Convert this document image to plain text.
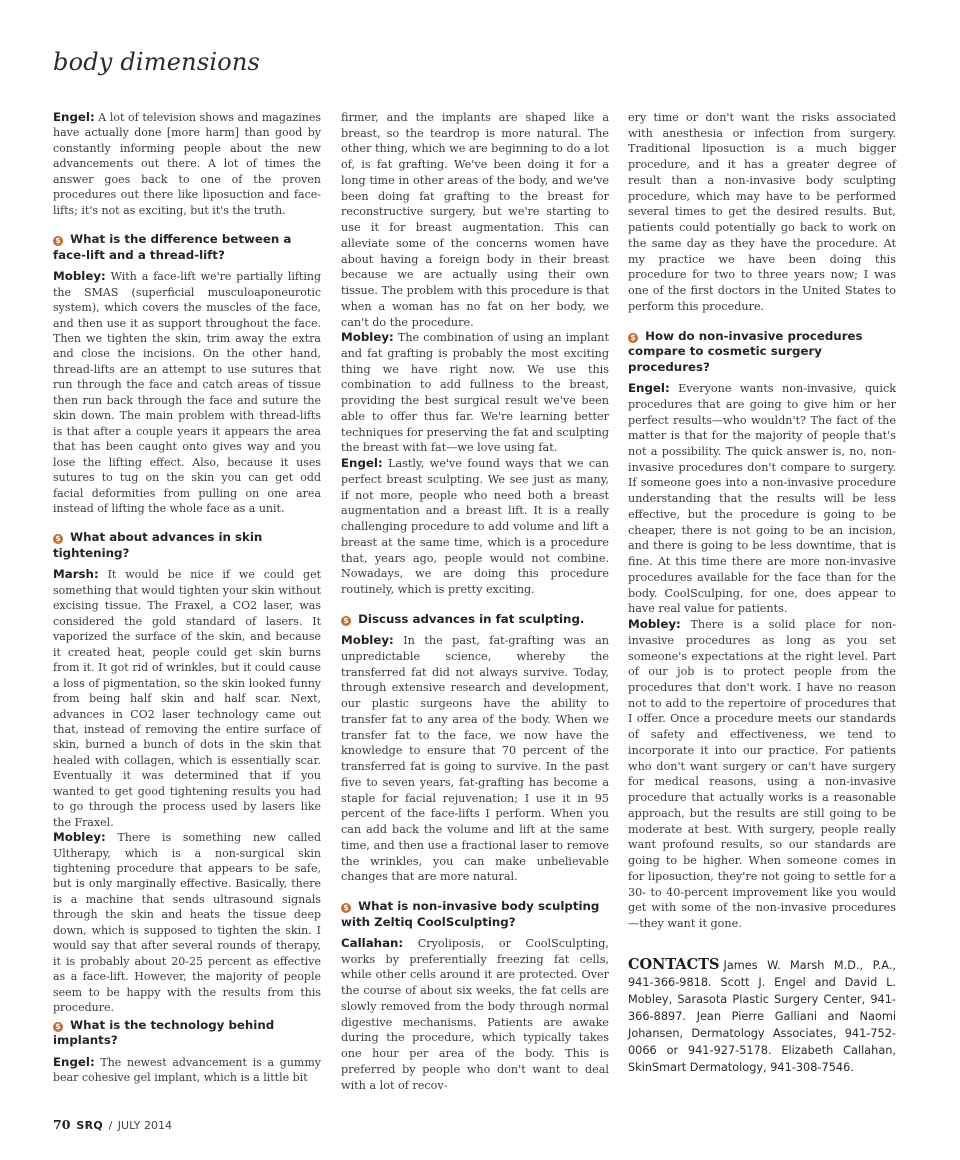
body dimensions

Engel: A lot of television shows and magazines have actually done [more harm] than good by constantly informing people about the new advancements out there. A lot of times the answer goes back to one of the proven procedures out there like liposuction and face-lifts; it's not as exciting, but it's the truth.

$ What is the difference between a face-lift and a thread-lift?

Mobley: With a face-lift we're partially lifting the SMAS (superficial musculoaponeurotic system), which covers the muscles of the face, and then use it as support throughout the face. Then we tighten the skin, trim away the extra and close the incisions. On the other hand, thread-lifts are an attempt to use sutures that run through the face and catch areas of tissue then run back through the face and suture the skin down. The main problem with thread-lifts is that after a couple years it appears the area that has been caught onto gives way and you lose the lifting effect. Also, because it uses sutures to tug on the skin you can get odd facial deformities from pulling on one area instead of lifting the whole face as a unit.

$ What about advances in skin tightening?

Marsh: It would be nice if we could get something that would tighten your skin without excising tissue. The Fraxel, a CO2 laser, was considered the gold standard of lasers. It vaporized the surface of the skin, and because it created heat, people could get skin burns from it. It got rid of wrinkles, but it could cause a loss of pigmentation, so the skin looked funny from being half skin and half scar. Next, advances in CO2 laser technology came out that, instead of removing the entire surface of skin, burned a bunch of dots in the skin that healed with collagen, which is essentially scar. Eventually it was determined that if you wanted to get good tightening results you had to go through the process used by lasers like the Fraxel.

Mobley: There is something new called Ultherapy, which is a non-surgical skin tightening procedure that appears to be safe, but is only marginally effective. Basically, there is a machine that sends ultrasound signals through the skin and heats the tissue deep down, which is supposed to tighten the skin. I would say that after several rounds of therapy, it is probably about 20-25 percent as effective as a face-lift. However, the majority of people seem to be happy with the results from this procedure.

$ What is the technology behind implants?

Engel: The newest advancement is a gummy bear cohesive gel implant, which is a little bit

firmer, and the implants are shaped like a breast, so the teardrop is more natural. The other thing, which we are beginning to do a lot of, is fat grafting. We've been doing it for a long time in other areas of the body, and we've been doing fat grafting to the breast for reconstructive surgery, but we're starting to use it for breast augmentation. This can alleviate some of the concerns women have about having a foreign body in their breast because we are actually using their own tissue. The problem with this procedure is that when a woman has no fat on her body, we can't do the procedure.

Mobley: The combination of using an implant and fat grafting is probably the most exciting thing we have right now. We use this combination to add fullness to the breast, providing the best surgical result we've been able to offer thus far. We're learning better techniques for preserving the fat and sculpting the breast with fat—we love using fat.

Engel: Lastly, we've found ways that we can perfect breast sculpting. We see just as many, if not more, people who need both a breast augmentation and a breast lift. It is a really challenging procedure to add volume and lift a breast at the same time, which is a procedure that, years ago, people would not combine. Nowadays, we are doing this procedure routinely, which is pretty exciting.

$ Discuss advances in fat sculpting.

Mobley: In the past, fat-grafting was an unpredictable science, whereby the transferred fat did not always survive. Today, through extensive research and development, our plastic surgeons have the ability to transfer fat to any area of the body. When we transfer fat to the face, we now have the knowledge to ensure that 70 percent of the transferred fat is going to survive. In the past five to seven years, fat-grafting has become a staple for facial rejuvenation; I use it in 95 percent of the face-lifts I perform. When you can add back the volume and lift at the same time, and then use a fractional laser to remove the wrinkles, you can make unbelievable changes that are more natural.

$ What is non-invasive body sculpting with Zeltiq CoolSculpting?

Callahan: Cryoliposis, or CoolSculpting, works by preferentially freezing fat cells, while other cells around it are protected. Over the course of about six weeks, the fat cells are slowly removed from the body through normal digestive mechanisms. Patients are awake during the procedure, which typically takes one hour per area of the body. This is preferred by people who don't want to deal with a lot of recov-

ery time or don't want the risks associated with anesthesia or infection from surgery. Traditional liposuction is a much bigger procedure, and it has a greater degree of result than a non-invasive body sculpting procedure, which may have to be performed several times to get the desired results. But, patients could potentially go back to work on the same day as they have the procedure. At my practice we have been doing this procedure for two to three years now; I was one of the first doctors in the United States to perform this procedure.

$ How do non-invasive procedures compare to cosmetic surgery procedures?

Engel: Everyone wants non-invasive, quick procedures that are going to give him or her perfect results—who wouldn't? The fact of the matter is that for the majority of people that's not a possibility. The quick answer is, no, non-invasive procedures don't compare to surgery. If someone goes into a non-invasive procedure understanding that the results will be less effective, but the procedure is going to be cheaper, there is not going to be an incision, and there is going to be less downtime, that is fine. At this time there are more non-invasive procedures available for the face than for the body. CoolSculping, for one, does appear to have real value for patients.

Mobley: There is a solid place for non-invasive procedures as long as you set someone's expectations at the right level. Part of our job is to protect people from the procedures that don't work. I have no reason not to add to the repertoire of procedures that I offer. Once a procedure meets our standards of safety and effectiveness, we tend to incorporate it into our practice. For patients who don't want surgery or can't have surgery for medical reasons, using a non-invasive procedure that actually works is a reasonable approach, but the results are still going to be moderate at best. With surgery, people really want profound results, so our standards are going to be higher. When someone comes in for liposuction, they're not going to settle for a 30- to 40-percent improvement like you would get with some of the non-invasive procedures—they want it gone.

CONTACTS James W. Marsh M.D., P.A., 941-366-9818. Scott J. Engel and David L. Mobley, Sarasota Plastic Surgery Center, 941-366-8897. Jean Pierre Galliani and Naomi Johansen, Dermatology Associates, 941-752-0066 or 941-927-5178. Elizabeth Callahan, SkinSmart Dermatology, 941-308-7546.
70 SRQ / JULY 2014
